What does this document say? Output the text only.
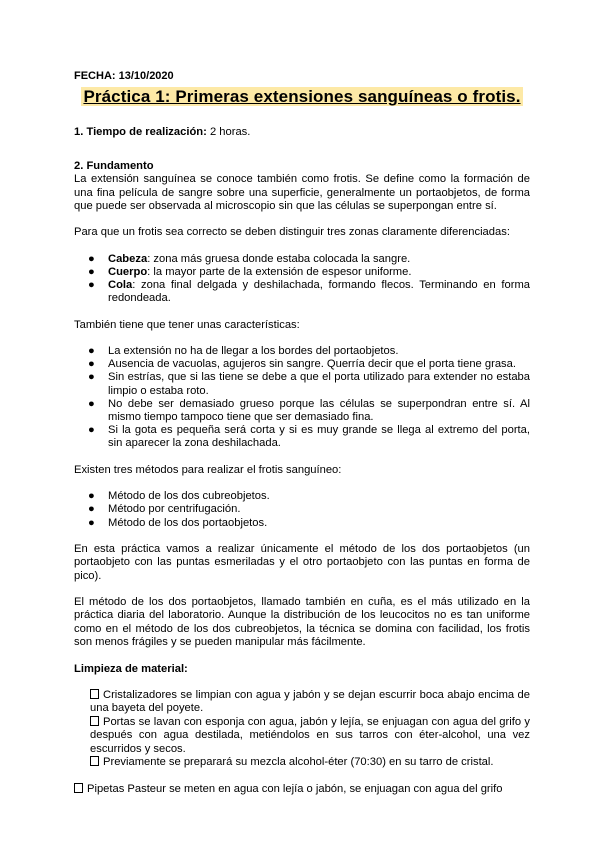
FECHA: 13/10/2020

Práctica 1: Primeras extensiones sanguíneas o frotis.

1. Tiempo de realización: 2 horas.

2. Fundamento

La extensión sanguínea se conoce también como frotis. Se define como la formación de una fina película de sangre sobre una superficie, generalmente un portaobjetos, de forma que puede ser observada al microscopio sin que las células se superpongan entre sí.

Para que un frotis sea correcto se deben distinguir tres zonas claramente diferenciadas:

● Cabeza: zona más gruesa donde estaba colocada la sangre.
● Cuerpo: la mayor parte de la extensión de espesor uniforme.
● Cola: zona final delgada y deshilachada, formando flecos. Terminando en forma redondeada.

También tiene que tener unas características:

● La extensión no ha de llegar a los bordes del portaobjetos.
● Ausencia de vacuolas, agujeros sin sangre. Querría decir que el porta tiene grasa.
● Sin estrías, que si las tiene se debe a que el porta utilizado para extender no estaba limpio o estaba roto.
● No debe ser demasiado grueso porque las células se superpondran entre sí. Al mismo tiempo tampoco tiene que ser demasiado fina.
● Si la gota es pequeña será corta y si es muy grande se llega al extremo del porta, sin aparecer la zona deshilachada.

Existen tres métodos para realizar el frotis sanguíneo:

● Método de los dos cubreobjetos.
● Método por centrifugación.
● Método de los dos portaobjetos.

En esta práctica vamos a realizar únicamente el método de los dos portaobjetos (un portaobjeto con las puntas esmeriladas y el otro portaobjeto con las puntas en forma de pico).

El método de los dos portaobjetos, llamado también en cuña, es el más utilizado en la práctica diaria del laboratorio. Aunque la distribución de los leucocitos no es tan uniforme como en el método de los dos cubreobjetos, la técnica se domina con facilidad, los frotis son menos frágiles y se pueden manipular más fácilmente.

Limpieza de material:

Cristalizadores se limpian con agua y jabón y se dejan escurrir boca abajo encima de una bayeta del poyete.
Portas se lavan con esponja con agua, jabón y lejía, se enjuagan con agua del grifo y después con agua destilada, metiéndolos en sus tarros con éter-alcohol, una vez escurridos y secos.
Previamente se preparará su mezcla alcohol-éter (70:30) en su tarro de cristal.
Pipetas Pasteur se meten en agua con lejía o jabón, se enjuagan con agua del grifo
